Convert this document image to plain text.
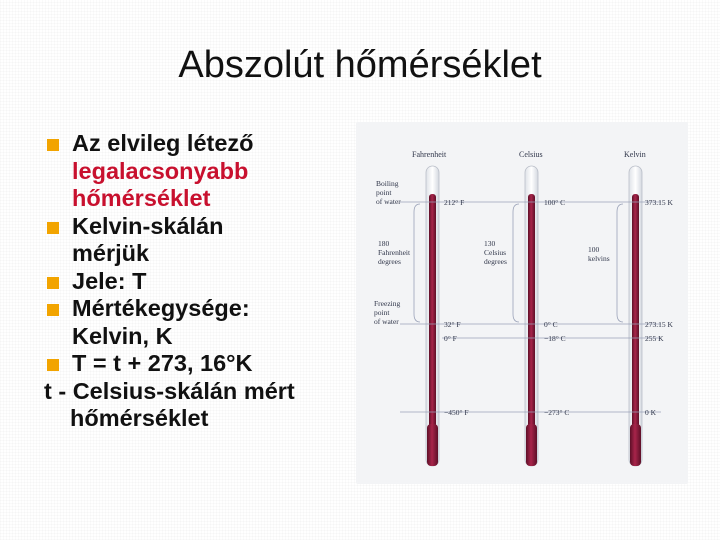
Abszolút hőmérséklet
Az elvileg létező
legalacsonyabb
hőmérséklet
Kelvin-skálán
mérjük
Jele: T
Mértékegysége:
Kelvin, K
T = t + 273, 16°K
t - Celsius-skálán mért
hőmérséklet
Fahrenheit	Celsius	Kelvin
Boiling
point
of water
180
Fahrenheit
degrees
Freezing
point
of water
130
Celsius
degrees
100
kelvins
212° F	100° C	373.15 K
32° F	0° C	273.15 K
0° F	−18° C	255 K
−450° F	−273° C	0 K
